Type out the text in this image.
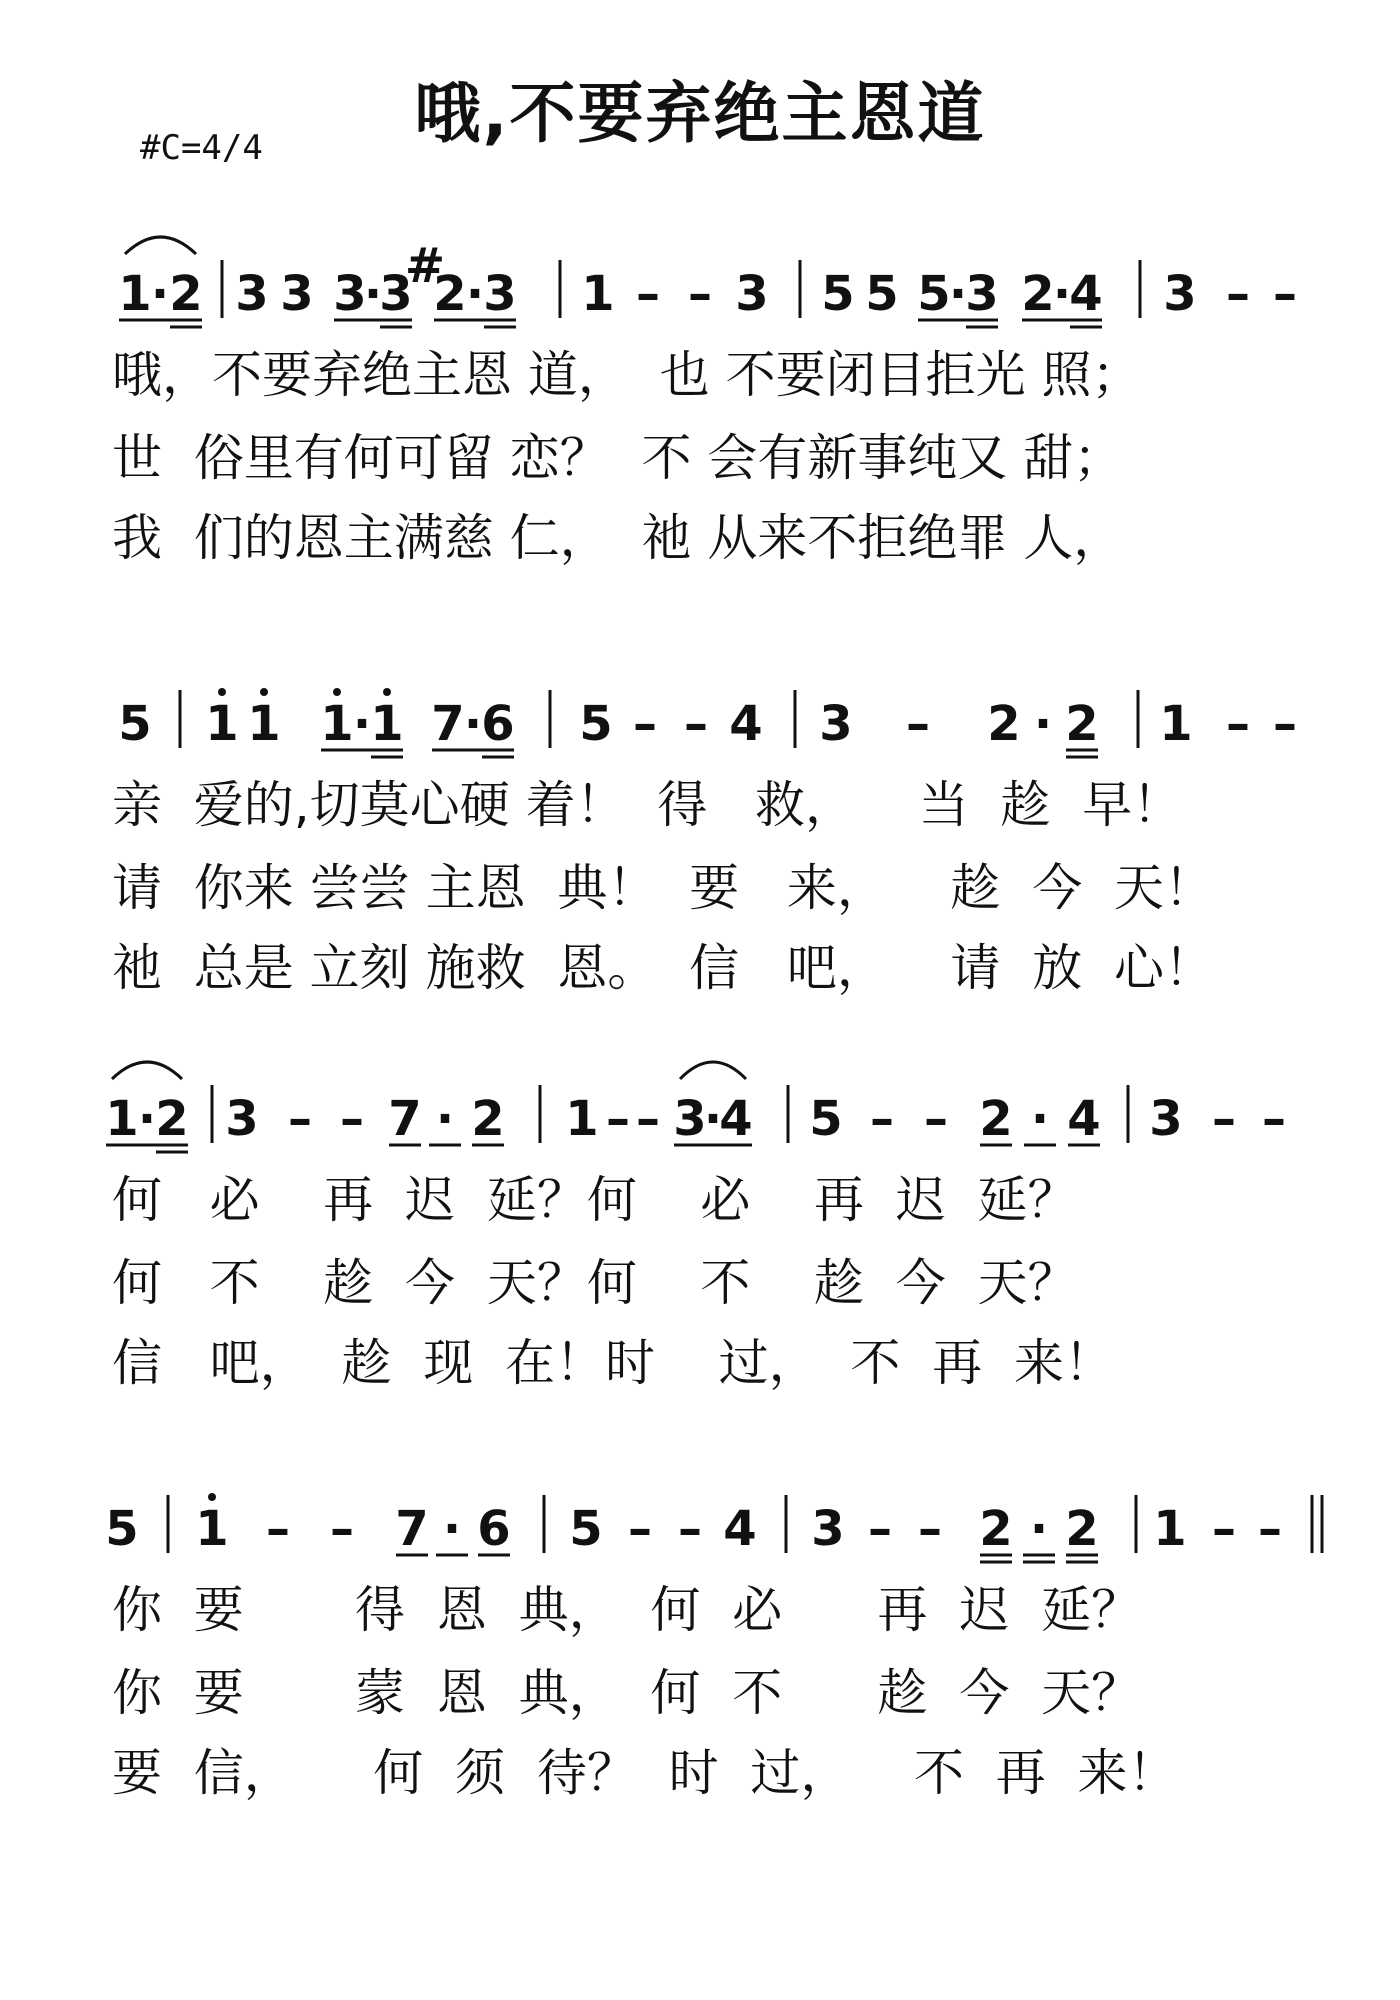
哦,不要弃绝主恩道
#C=4/4
1 · 2 3 3 3
·
3
#
2 · 3 1 – – 3 5 5 5
·
3 2
·
4 3 – –
哦，不要弃绝主恩 道，  也 不要闭目拒光 照；
世  俗里有何可留 恋？  不 会有新事纯又 甜；
我  们的恩主满慈 仁，  祂 从来不拒绝罪 人，
5 1 1 1 · 1 7 · 6 5 – – 4 3 – 2 · 2 1 – –
亲  爱的,切莫心硬 着！  得   救，    当  趁  早！
请  你来 尝尝 主恩  典！  要   来，    趁  今  天！
祂  总是 立刻 施救  恩。  信   吧，    请  放  心！
1 · 2 3 – – 7 · 2 1 – – 3
·
4 5 – – 2 · 4 3 – –
何   必    再  迟  延？何    必    再  迟  延？
何   不    趁  今  天？何    不    趁  今  天？
信   吧，  趁  现  在！时    过，  不  再  来！
5 1 – – 7 · 6 5 – – 4 3 – – 2 · 2 1 – –
你  要       得  恩  典，  何  必      再  迟  延？
你  要       蒙  恩  典，  何  不      趁  今  天？
要  信，     何  须  待？  时  过，    不  再  来！
